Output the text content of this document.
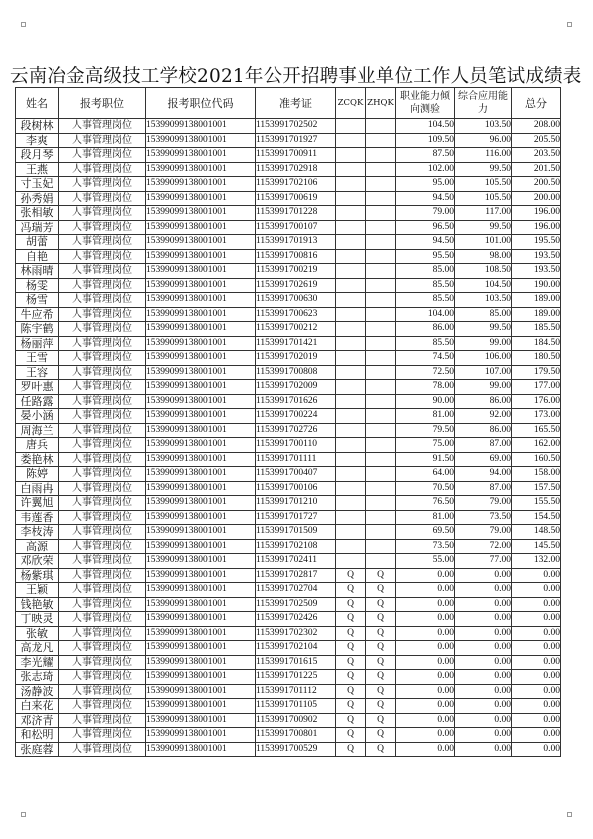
云南冶金高级技工学校2021年公开招聘事业单位工作人员笔试成绩表
姓名	报考职位	报考职位代码	准考证	ZCQK	ZHQK	职业能力倾向测验	综合应用能力	总分
段树林	人事管理岗位	15399099138001001	1153991702502			104.50	103.50	208.00
李爽	人事管理岗位	15399099138001001	1153991701927			109.50	96.00	205.50
段月琴	人事管理岗位	15399099138001001	1153991700911			87.50	116.00	203.50
王燕	人事管理岗位	15399099138001001	1153991702918			102.00	99.50	201.50
寸玉妃	人事管理岗位	15399099138001001	1153991702106			95.00	105.50	200.50
孙秀娟	人事管理岗位	15399099138001001	1153991700619			94.50	105.50	200.00
张相敏	人事管理岗位	15399099138001001	1153991701228			79.00	117.00	196.00
冯瑞芳	人事管理岗位	15399099138001001	1153991700107			96.50	99.50	196.00
胡蕾	人事管理岗位	15399099138001001	1153991701913			94.50	101.00	195.50
自艳	人事管理岗位	15399099138001001	1153991700816			95.50	98.00	193.50
林雨晴	人事管理岗位	15399099138001001	1153991700219			85.00	108.50	193.50
杨雯	人事管理岗位	15399099138001001	1153991702619			85.50	104.50	190.00
杨雪	人事管理岗位	15399099138001001	1153991700630			85.50	103.50	189.00
牛应希	人事管理岗位	15399099138001001	1153991700623			104.00	85.00	189.00
陈宇鹤	人事管理岗位	15399099138001001	1153991700212			86.00	99.50	185.50
杨丽萍	人事管理岗位	15399099138001001	1153991701421			85.50	99.00	184.50
王雪	人事管理岗位	15399099138001001	1153991702019			74.50	106.00	180.50
王容	人事管理岗位	15399099138001001	1153991700808			72.50	107.00	179.50
罗叶惠	人事管理岗位	15399099138001001	1153991702009			78.00	99.00	177.00
任路露	人事管理岗位	15399099138001001	1153991701626			90.00	86.00	176.00
晏小涵	人事管理岗位	15399099138001001	1153991700224			81.00	92.00	173.00
周海兰	人事管理岗位	15399099138001001	1153991702726			79.50	86.00	165.50
唐兵	人事管理岗位	15399099138001001	1153991700110			75.00	87.00	162.00
娄艳林	人事管理岗位	15399099138001001	1153991701111			91.50	69.00	160.50
陈婷	人事管理岗位	15399099138001001	1153991700407			64.00	94.00	158.00
白雨冉	人事管理岗位	15399099138001001	1153991700106			70.50	87.00	157.50
许翼旭	人事管理岗位	15399099138001001	1153991701210			76.50	79.00	155.50
韦莲香	人事管理岗位	15399099138001001	1153991701727			81.00	73.50	154.50
李枝涛	人事管理岗位	15399099138001001	1153991701509			69.50	79.00	148.50
高源	人事管理岗位	15399099138001001	1153991702108			73.50	72.00	145.50
邓欣荣	人事管理岗位	15399099138001001	1153991702411			55.00	77.00	132.00
杨紫琪	人事管理岗位	15399099138001001	1153991702817	Q	Q	0.00	0.00	0.00
王颖	人事管理岗位	15399099138001001	1153991702704	Q	Q	0.00	0.00	0.00
钱艳敏	人事管理岗位	15399099138001001	1153991702509	Q	Q	0.00	0.00	0.00
丁映灵	人事管理岗位	15399099138001001	1153991702426	Q	Q	0.00	0.00	0.00
张敏	人事管理岗位	15399099138001001	1153991702302	Q	Q	0.00	0.00	0.00
高龙凡	人事管理岗位	15399099138001001	1153991702104	Q	Q	0.00	0.00	0.00
李光耀	人事管理岗位	15399099138001001	1153991701615	Q	Q	0.00	0.00	0.00
张志琦	人事管理岗位	15399099138001001	1153991701225	Q	Q	0.00	0.00	0.00
汤静波	人事管理岗位	15399099138001001	1153991701112	Q	Q	0.00	0.00	0.00
白来花	人事管理岗位	15399099138001001	1153991701105	Q	Q	0.00	0.00	0.00
邓济青	人事管理岗位	15399099138001001	1153991700902	Q	Q	0.00	0.00	0.00
和松明	人事管理岗位	15399099138001001	1153991700801	Q	Q	0.00	0.00	0.00
张庭蓉	人事管理岗位	15399099138001001	1153991700529	Q	Q	0.00	0.00	0.00
